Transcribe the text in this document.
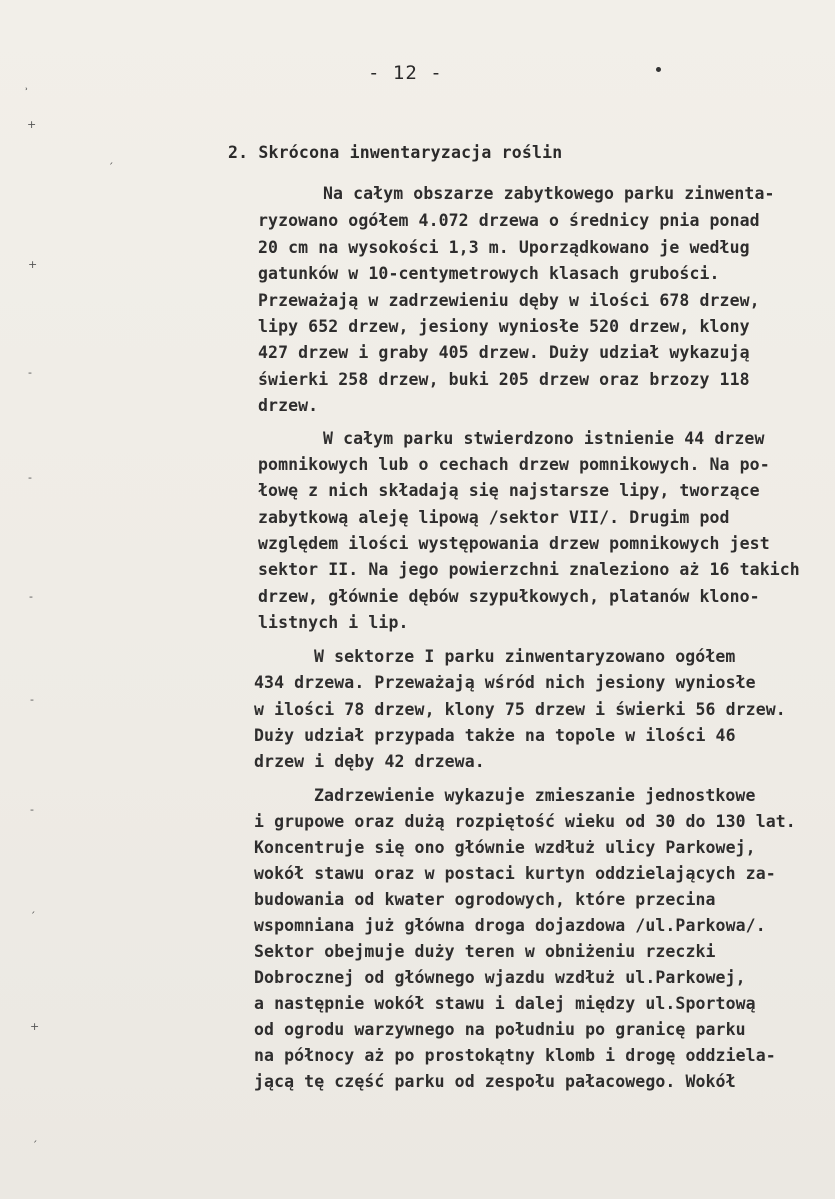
- 12 -
2. Skrócona inwentaryzacja roślin
Na całym obszarze zabytkowego parku zinwenta-
ryzowano ogółem 4.072 drzewa o średnicy pnia ponad
20 cm na wysokości 1,3 m. Uporządkowano je według
gatunków w 10-centymetrowych klasach grubości.
Przeważają w zadrzewieniu dęby w ilości 678 drzew,
lipy 652 drzew, jesiony wyniosłe 520 drzew, klony
427 drzew i graby 405 drzew. Duży udział wykazują
świerki 258 drzew, buki 205 drzew oraz brzozy 118
drzew.
W całym parku stwierdzono istnienie 44 drzew
pomnikowych lub o cechach drzew pomnikowych. Na po-
łowę z nich składają się najstarsze lipy, tworzące
zabytkową aleję lipową /sektor VII/. Drugim pod
względem ilości występowania drzew pomnikowych jest
sektor II. Na jego powierzchni znaleziono aż 16 takich
drzew, głównie dębów szypułkowych, platanów klono-
listnych i lip.
W sektorze I parku zinwentaryzowano ogółem
434 drzewa. Przeważają wśród nich jesiony wyniosłe
w ilości 78 drzew, klony 75 drzew i świerki 56 drzew.
Duży udział przypada także na topole w ilości 46
drzew i dęby 42 drzewa.
Zadrzewienie wykazuje zmieszanie jednostkowe
i grupowe oraz dużą rozpiętość wieku od 30 do 130 lat.
Koncentruje się ono głównie wzdłuż ulicy Parkowej,
wokół stawu oraz w postaci kurtyn oddzielających za-
budowania od kwater ogrodowych, które przecina
wspomniana już główna droga dojazdowa /ul.Parkowa/.
Sektor obejmuje duży teren w obniżeniu rzeczki
Dobrocznej od głównego wjazdu wzdłuż ul.Parkowej,
a następnie wokół stawu i dalej między ul.Sportową
od ogrodu warzywnego na południu po granicę parku
na północy aż po prostokątny klomb i drogę oddziela-
jącą tę część parku od zespołu pałacowego. Wokół
˒
+
ˏ
+
-
-
-
-
-
ˊ
+
ˏ
